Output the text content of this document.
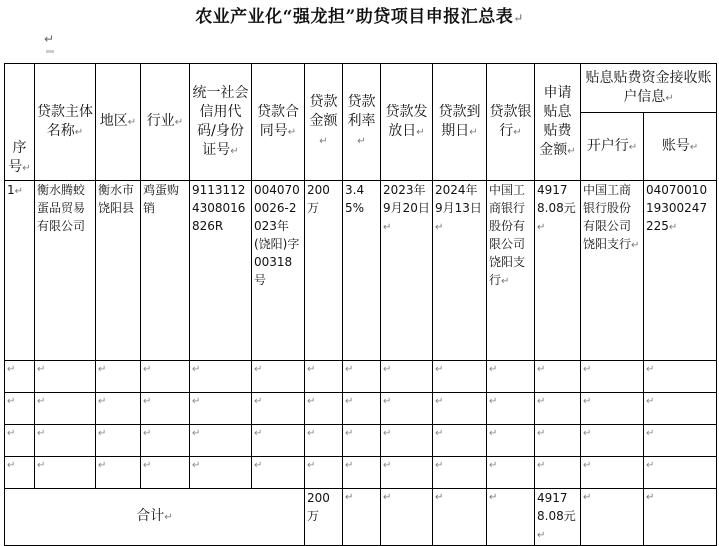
农业产业化“强龙担”助贷项目申报汇总表↵
↵
序号↵	贷款主体名称↵	地区↵	行业↵	统一社会信用代码/身份证号↵	贷款合同号↵	贷款金额↵	贷款利率↵	贷款发放日↵	贷款到期日↵	贷款银行↵	申请贴息贴费金额↵	贴息贴费资金接收账户信息↵	
												开户行↵	账号↵
1↵	衡水腾蛟蛋品贸易有限公司	衡水市饶阳县	鸡蛋购销	91131124308016826R	0040700026-2023年(饶阳)字00318号	200万	3.45%	2023年9月20日↵	2024年9月13日↵	中国工商银行股份有限公司饶阳支行↵	49178.08元↵	中国工商银行股份有限公司饶阳支行↵	0407001019300247225↵
↵	↵	↵	↵	↵	↵	↵	↵	↵	↵	↵	↵	↵	↵
↵	↵	↵	↵	↵	↵	↵	↵	↵	↵	↵	↵	↵	↵
↵	↵	↵	↵	↵	↵	↵	↵	↵	↵	↵	↵	↵	↵
↵	↵	↵	↵	↵	↵	↵	↵	↵	↵	↵	↵	↵	↵
合计↵						200万	↵	↵	↵	↵	49178.08元↵	↵	↵
